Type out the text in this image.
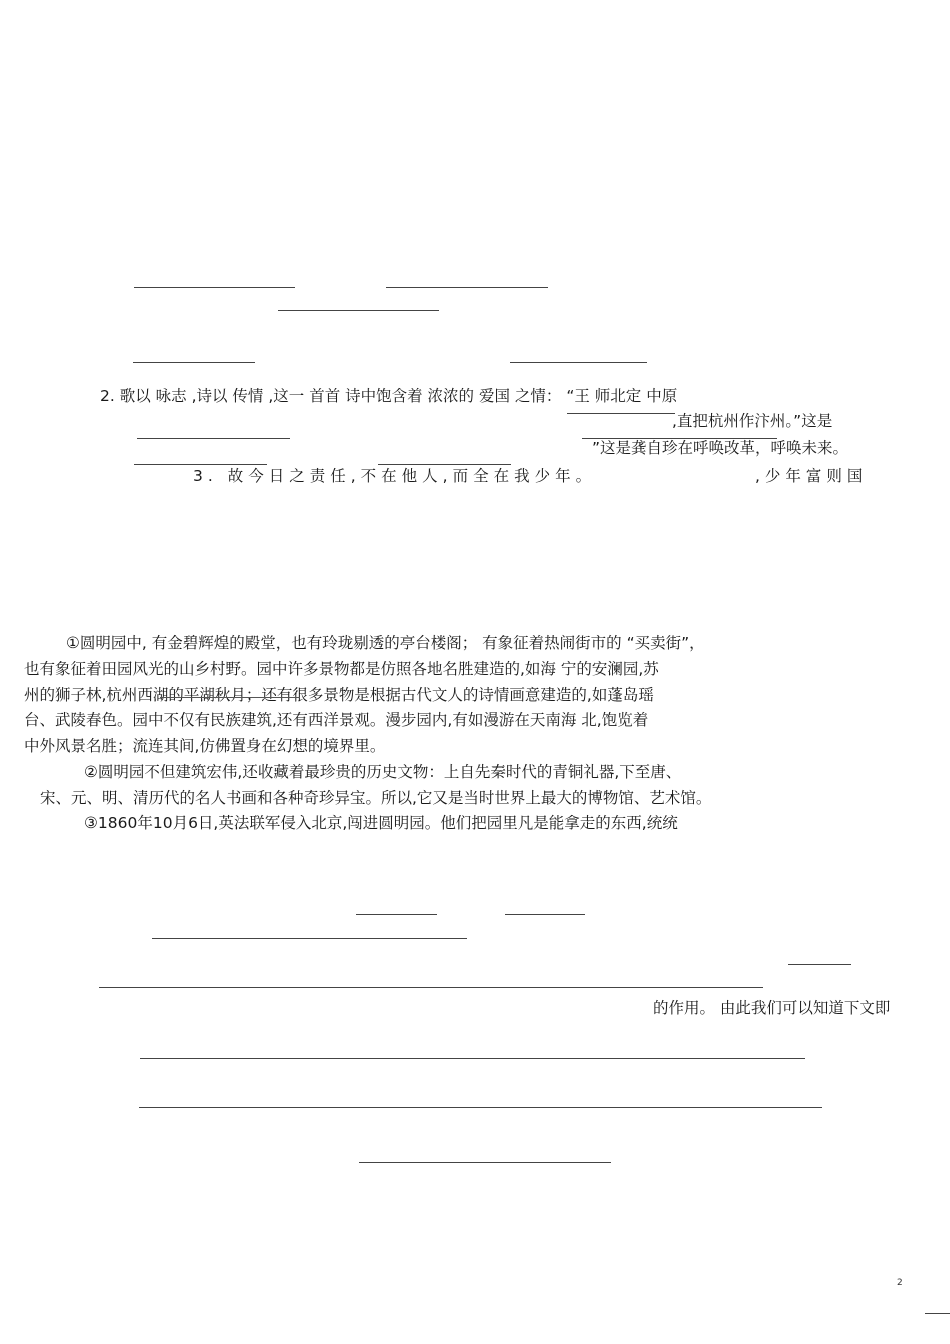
2. 歌以 咏志 ,诗以 传情 ,这一 首首 诗中饱含着 浓浓的 爱国 之情： “王 师北定 中原
,直把杭州作汴州。”这是
”这是龚自珍在呼唤改革，呼唤未来。
3. 故今日之责任,不在他人,而全在我少年。	,少年富则国
①圆明园中, 有金碧辉煌的殿堂，也有玲珑剔透的亭台楼阁； 有象征着热闹街市的 “买卖街”，
也有象征着田园风光的山乡村野。园中许多景物都是仿照各地名胜建造的,如海 宁的安澜园,苏
州的狮子林,杭州西湖的平湖秋月；还有很多景物是根据古代文人的诗情画意建造的,如蓬岛瑶
台、武陵春色。园中不仅有民族建筑,还有西洋景观。漫步园内,有如漫游在天南海 北,饱览着
中外风景名胜；流连其间,仿佛置身在幻想的境界里。
②圆明园不但建筑宏伟,还收藏着最珍贵的历史文物：上自先秦时代的青铜礼器,下至唐、
宋、元、明、清历代的名人书画和各种奇珍异宝。所以,它又是当时世界上最大的博物馆、艺术馆。
③1860年10月6日,英法联军侵入北京,闯进圆明园。他们把园里凡是能拿走的东西,统统
的作用。 由此我们可以知道下文即
2
